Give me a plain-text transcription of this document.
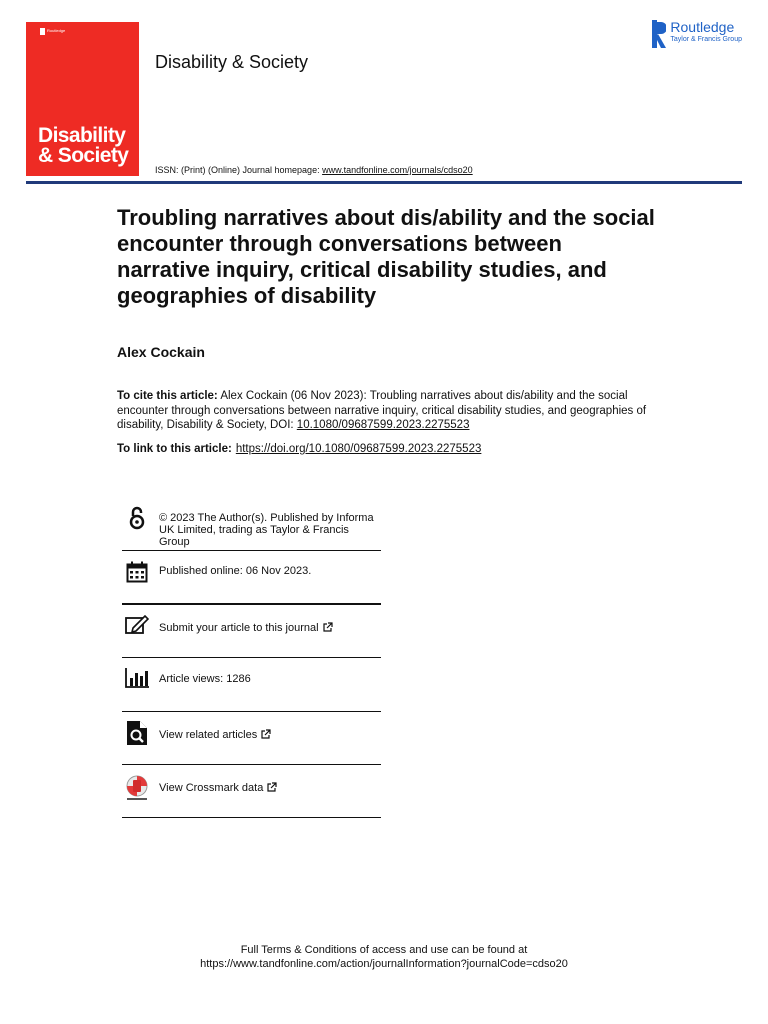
Routledge
Disability
& Society
Disability & Society
ISSN: (Print) (Online) Journal homepage: www.tandfonline.com/journals/cdso20
Routledge
Taylor & Francis Group
Troubling narratives about dis/ability and the social encounter through conversations between narrative inquiry, critical disability studies, and geographies of disability
Alex Cockain
To cite this article: Alex Cockain (06 Nov 2023): Troubling narratives about dis/ability and the social encounter through conversations between narrative inquiry, critical disability studies, and geographies of disability, Disability & Society, DOI: 10.1080/09687599.2023.2275523
To link to this article: https://doi.org/10.1080/09687599.2023.2275523
© 2023 The Author(s). Published by Informa UK Limited, trading as Taylor & Francis Group
Published online: 06 Nov 2023.
Submit your article to this journal
Article views: 1286
View related articles
View Crossmark data
Full Terms & Conditions of access and use can be found at
https://www.tandfonline.com/action/journalInformation?journalCode=cdso20
